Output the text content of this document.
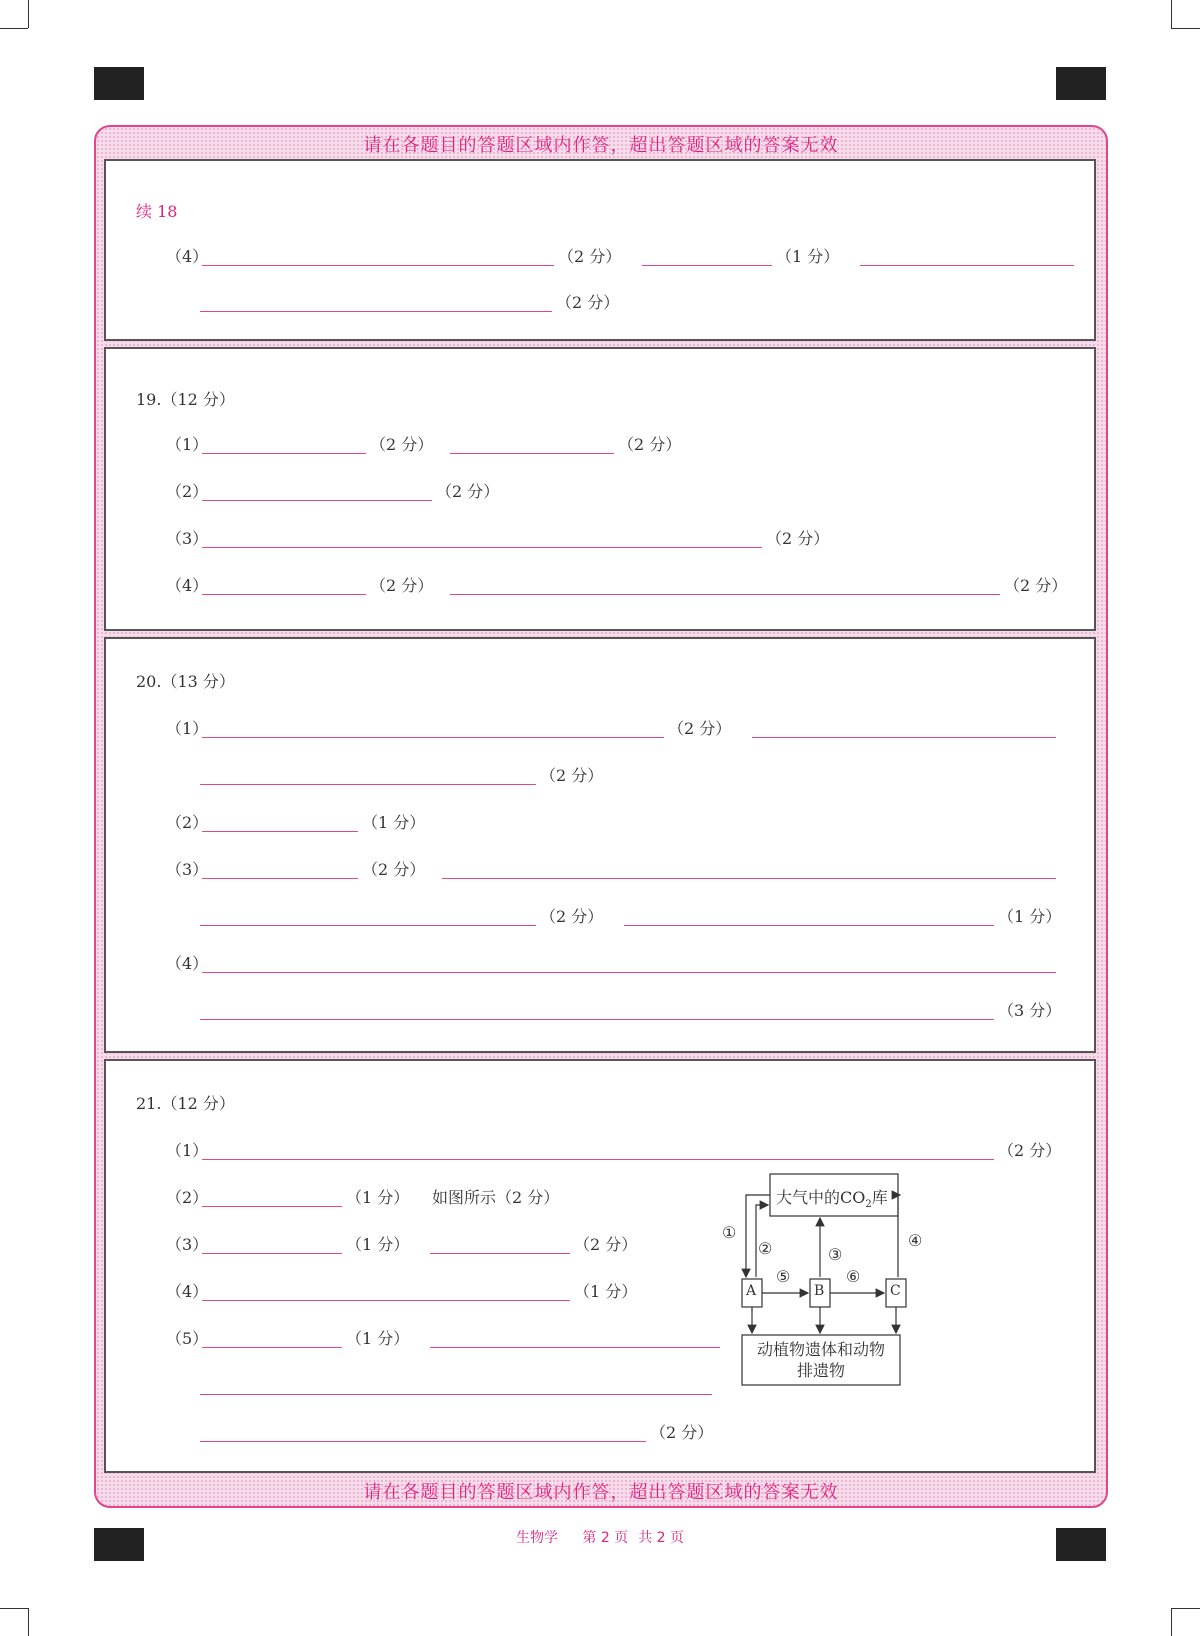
请在各题目的答题区域内作答，超出答题区域的答案无效
请在各题目的答题区域内作答，超出答题区域的答案无效
续 18
（4）	（2 分）	（1 分）
（2 分）
19.（12 分）
（1）	（2 分）	（2 分）
（2）	（2 分）
（3）	（2 分）
（4）	（2 分）	（2 分）
20.（13 分）
（1）	（2 分）
（2 分）
（2）	（1 分）
（3）	（2 分）
（2 分）	（1 分）
（4）
（3 分）
21.（12 分）
（1）	（2 分）
（2）	（1 分） 如图所示（2 分）
（3）	（1 分）	（2 分）
（4）	（1 分）
（5）	（1 分）
（2 分）
大气中的$CO_2$库
A	B	C
①
②	③
④
⑤	⑥
动植物遗体和动物
排遗物
生物学 第 2 页 共 2 页
